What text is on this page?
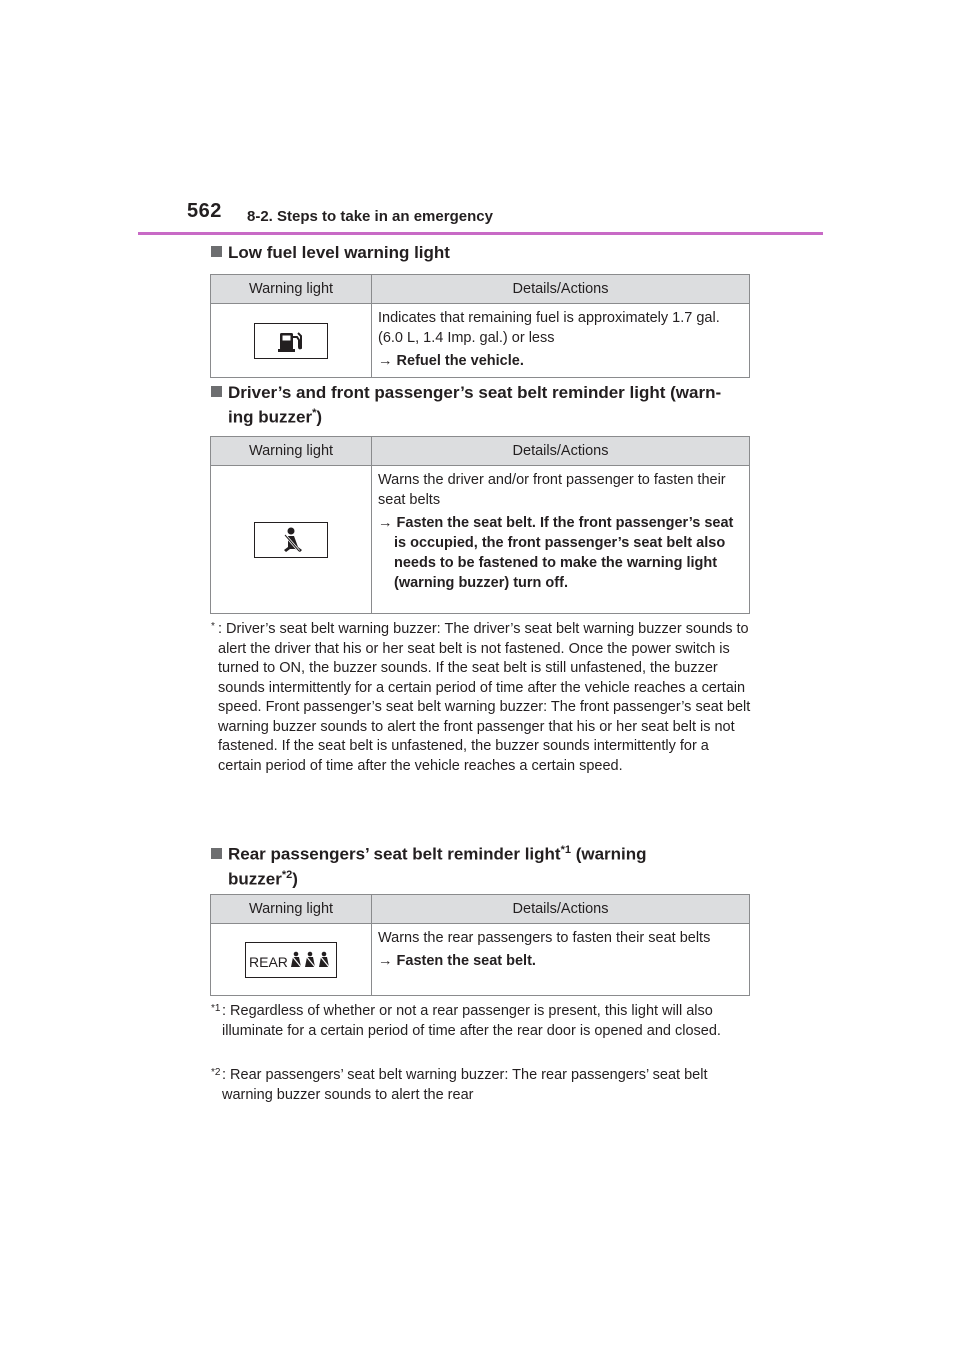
562 8-2. Steps to take in an emergency
Low fuel level warning light
Warning light	Details/Actions

Indicates that remaining fuel is approximately 1.7 gal. (6.0 L, 1.4 Imp. gal.) or less

→ Refuel the vehicle.

Driver’s and front passenger’s seat belt reminder light (warn-
ing buzzer*)
Warning light	Details/Actions

Warns the driver and/or front passenger to fasten their seat belts

→ Fasten the seat belt. If the front passenger’s seat is occupied, the front passenger’s seat belt also needs to be fastened to make the warning light (warning buzzer) turn off.

* : Driver’s seat belt warning buzzer: The driver’s seat belt warning buzzer sounds to alert the driver that his or her seat belt is not fastened. Once the power switch is turned to ON, the buzzer sounds. If the seat belt is still unfastened, the buzzer sounds intermittently for a certain period of time after the vehicle reaches a certain speed. Front passenger’s seat belt warning buzzer: The front passenger’s seat belt warning buzzer sounds to alert the front passenger that his or her seat belt is not fastened. If the seat belt is unfastened, the buzzer sounds intermittently for a certain period of time after the vehicle reaches a certain speed.
Rear passengers’ seat belt reminder light$^{*1}$ (warning
buzzer$^{*2}$)
Warning light	Details/Actions

REAR	Warns the rear passengers to fasten their seat belts

→ Fasten the seat belt.

*1 : Regardless of whether or not a rear passenger is present, this light will also illuminate for a certain period of time after the rear door is opened and closed.
*2 : Rear passengers’ seat belt warning buzzer: The rear passengers’ seat belt warning buzzer sounds to alert the rear
